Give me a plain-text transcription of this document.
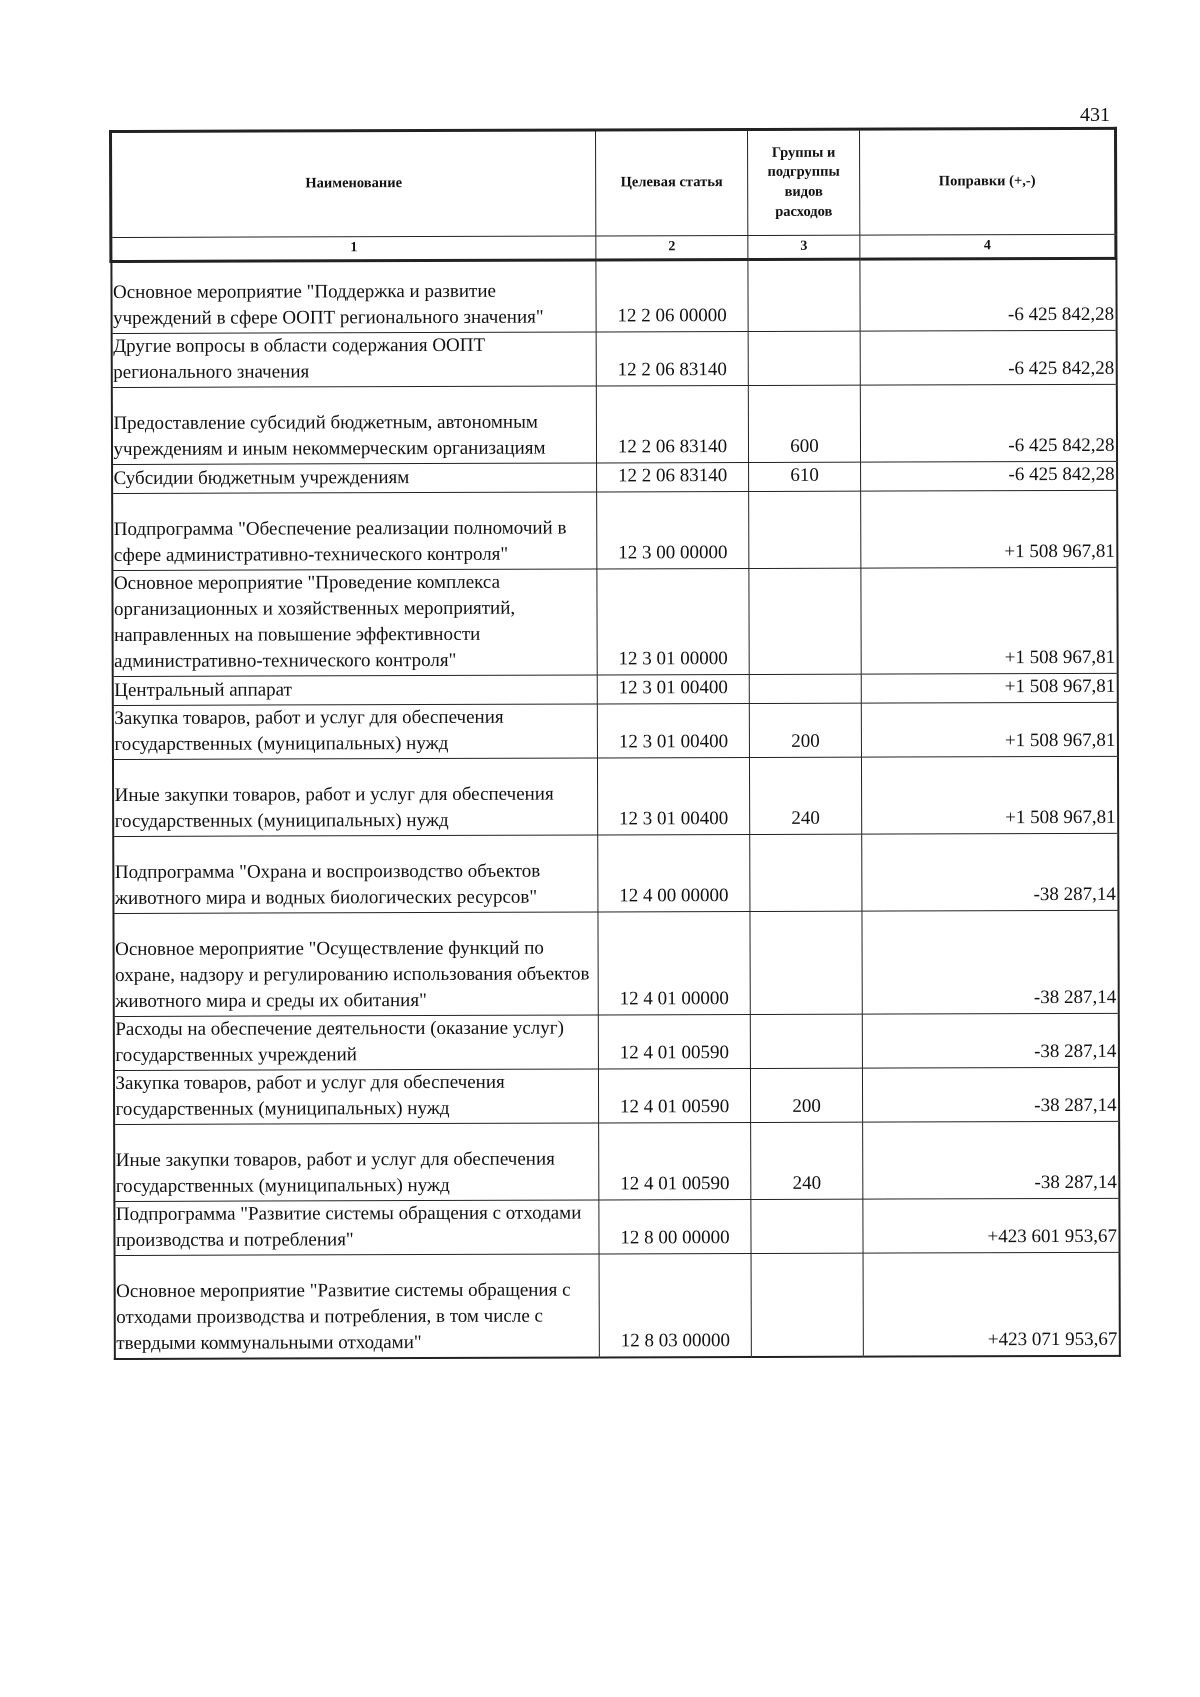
431
Наименование	Целевая статья	Группы и подгруппы видов расходов	Поправки (+,-)
1	2	3	4
Основное мероприятие "Поддержка и развитие учреждений в сфере ООПТ регионального значения"	12 2 06 00000		-6 425 842,28
Другие вопросы в области содержания ООПТ регионального значения	12 2 06 83140		-6 425 842,28
Предоставление субсидий бюджетным, автономным учреждениям и иным некоммерческим организациям	12 2 06 83140	600	-6 425 842,28
Субсидии бюджетным учреждениям	12 2 06 83140	610	-6 425 842,28
Подпрограмма "Обеспечение реализации полномочий в сфере административно-технического контроля"	12 3 00 00000		+1 508 967,81
Основное мероприятие "Проведение комплекса организационных и хозяйственных мероприятий, направленных на повышение эффективности административно-технического контроля"	12 3 01 00000		+1 508 967,81
Центральный аппарат	12 3 01 00400		+1 508 967,81
Закупка товаров, работ и услуг для обеспечения государственных (муниципальных) нужд	12 3 01 00400	200	+1 508 967,81
Иные закупки товаров, работ и услуг для обеспечения государственных (муниципальных) нужд	12 3 01 00400	240	+1 508 967,81
Подпрограмма "Охрана и воспроизводство объектов животного мира и водных биологических ресурсов"	12 4 00 00000		-38 287,14
Основное мероприятие "Осуществление функций по охране, надзору и регулированию использования объектов животного мира и среды их обитания"	12 4 01 00000		-38 287,14
Расходы на обеспечение деятельности (оказание услуг) государственных учреждений	12 4 01 00590		-38 287,14
Закупка товаров, работ и услуг для обеспечения государственных (муниципальных) нужд	12 4 01 00590	200	-38 287,14
Иные закупки товаров, работ и услуг для обеспечения государственных (муниципальных) нужд	12 4 01 00590	240	-38 287,14
Подпрограмма "Развитие системы обращения с отходами производства и потребления"	12 8 00 00000		+423 601 953,67
Основное мероприятие "Развитие системы обращения с отходами производства и потребления, в том числе с твердыми коммунальными отходами"	12 8 03 00000		+423 071 953,67
